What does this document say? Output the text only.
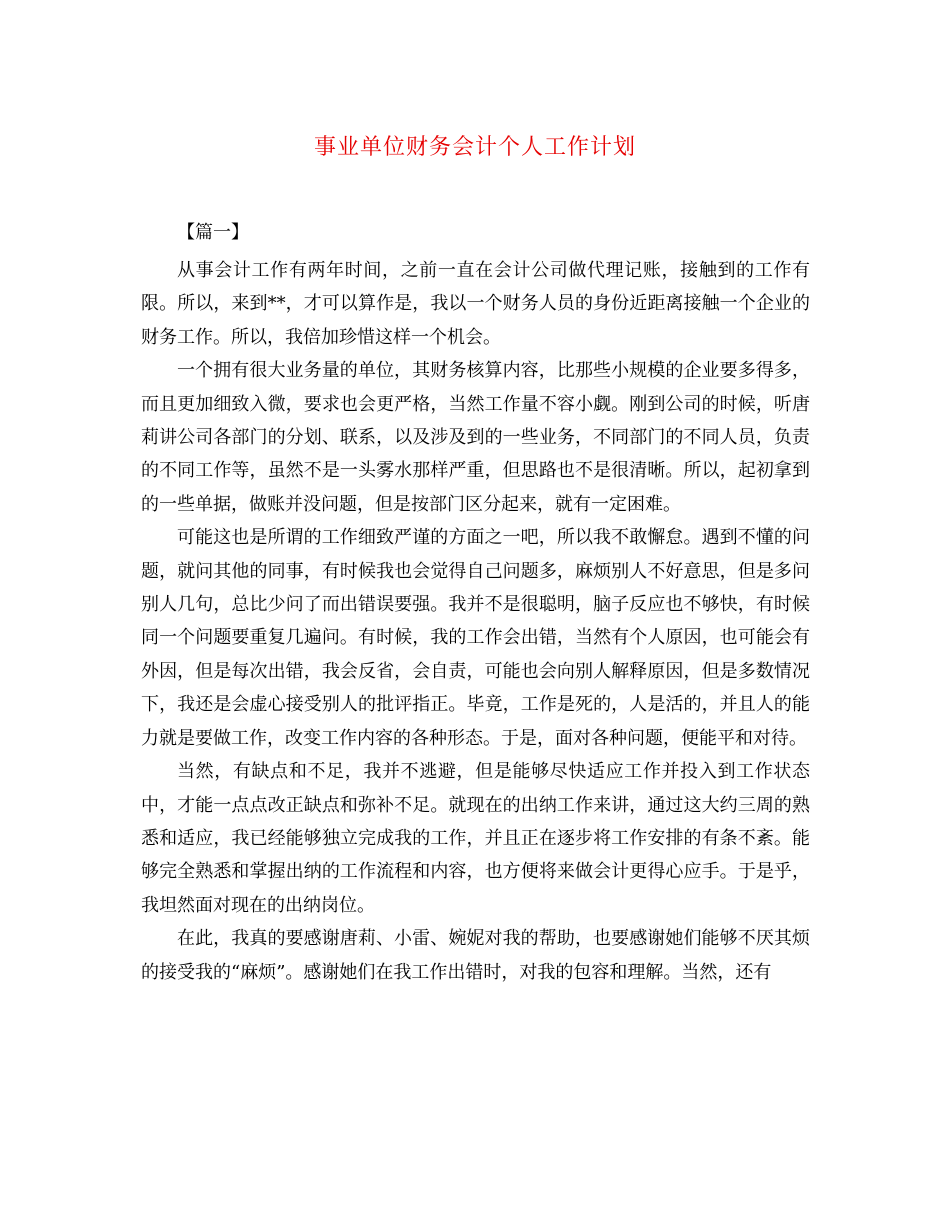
事业单位财务会计个人工作计划

【篇一】

从事会计工作有两年时间，之前一直在会计公司做代理记账，接触到的工作有限。所以，来到**，才可以算作是，我以一个财务人员的身份近距离接触一个企业的财务工作。所以，我倍加珍惜这样一个机会。

一个拥有很大业务量的单位，其财务核算内容，比那些小规模的企业要多得多，而且更加细致入微，要求也会更严格，当然工作量不容小觑。刚到公司的时候，听唐莉讲公司各部门的分划、联系，以及涉及到的一些业务，不同部门的不同人员，负责的不同工作等，虽然不是一头雾水那样严重，但思路也不是很清晰。所以，起初拿到的一些单据，做账并没问题，但是按部门区分起来，就有一定困难。

可能这也是所谓的工作细致严谨的方面之一吧，所以我不敢懈怠。遇到不懂的问题，就问其他的同事，有时候我也会觉得自己问题多，麻烦别人不好意思，但是多问别人几句，总比少问了而出错误要强。我并不是很聪明，脑子反应也不够快，有时候同一个问题要重复几遍问。有时候，我的工作会出错，当然有个人原因，也可能会有外因，但是每次出错，我会反省，会自责，可能也会向别人解释原因，但是多数情况下，我还是会虚心接受别人的批评指正。毕竟，工作是死的，人是活的，并且人的能力就是要做工作，改变工作内容的各种形态。于是，面对各种问题，便能平和对待。

当然，有缺点和不足，我并不逃避，但是能够尽快适应工作并投入到工作状态中，才能一点点改正缺点和弥补不足。就现在的出纳工作来讲，通过这大约三周的熟悉和适应，我已经能够独立完成我的工作，并且正在逐步将工作安排的有条不紊。能够完全熟悉和掌握出纳的工作流程和内容，也方便将来做会计更得心应手。于是乎，我坦然面对现在的出纳岗位。

在此，我真的要感谢唐莉、小雷、婉妮对我的帮助，也要感谢她们能够不厌其烦的接受我的“麻烦”。感谢她们在我工作出错时，对我的包容和理解。当然，还有
